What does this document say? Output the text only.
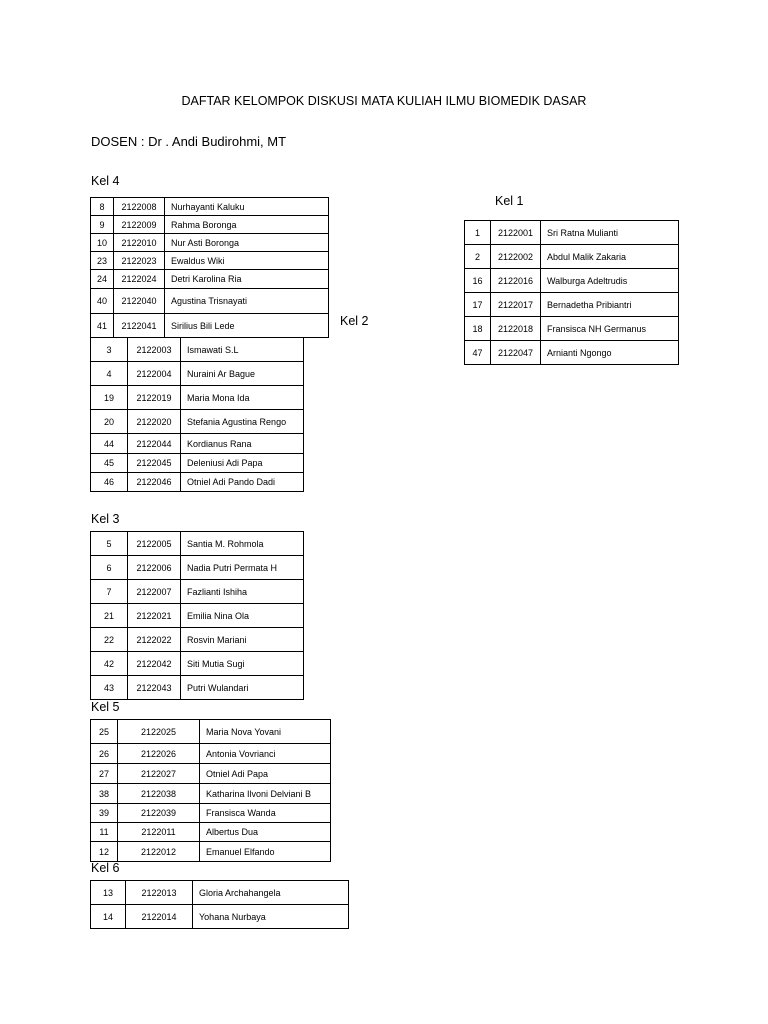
DAFTAR KELOMPOK DISKUSI MATA KULIAH ILMU BIOMEDIK DASAR
DOSEN : Dr . Andi Budirohmi, MT
Kel 4
8	2122008	Nurhayanti Kaluku
9	2122009	Rahma Boronga
10	2122010	Nur Asti Boronga
23	2122023	Ewaldus Wiki
24	2122024	Detri Karolina Ria
40	2122040	Agustina Trisnayati
41	2122041	Sirilius Bili Lede
Kel 1
1	2122001	Sri Ratna Mulianti
2	2122002	Abdul Malik Zakaria
16	2122016	Walburga Adeltrudis
17	2122017	Bernadetha Pribiantri
18	2122018	Fransisca NH Germanus
47	2122047	Arnianti Ngongo
Kel 2
3	2122003	Ismawati S.L
4	2122004	Nuraini Ar Bague
19	2122019	Maria Mona Ida
20	2122020	Stefania Agustina Rengo
44	2122044	Kordianus Rana
45	2122045	Deleniusi Adi Papa
46	2122046	Otniel Adi Pando Dadi
Kel 3
5	2122005	Santia M. Rohmola
6	2122006	Nadia Putri Permata H
7	2122007	Fazlianti Ishiha
21	2122021	Emilia Nina Ola
22	2122022	Rosvin Mariani
42	2122042	Siti Mutia Sugi
43	2122043	Putri Wulandari
Kel 5
25	2122025	Maria Nova Yovani
26	2122026	Antonia Vovrianci
27	2122027	Otniel Adi Papa
38	2122038	Katharina Ilvoni Delviani B
39	2122039	Fransisca Wanda
11	2122011	Albertus Dua
12	2122012	Emanuel Elfando
Kel 6
13	2122013	Gloria Archahangela
14	2122014	Yohana Nurbaya
